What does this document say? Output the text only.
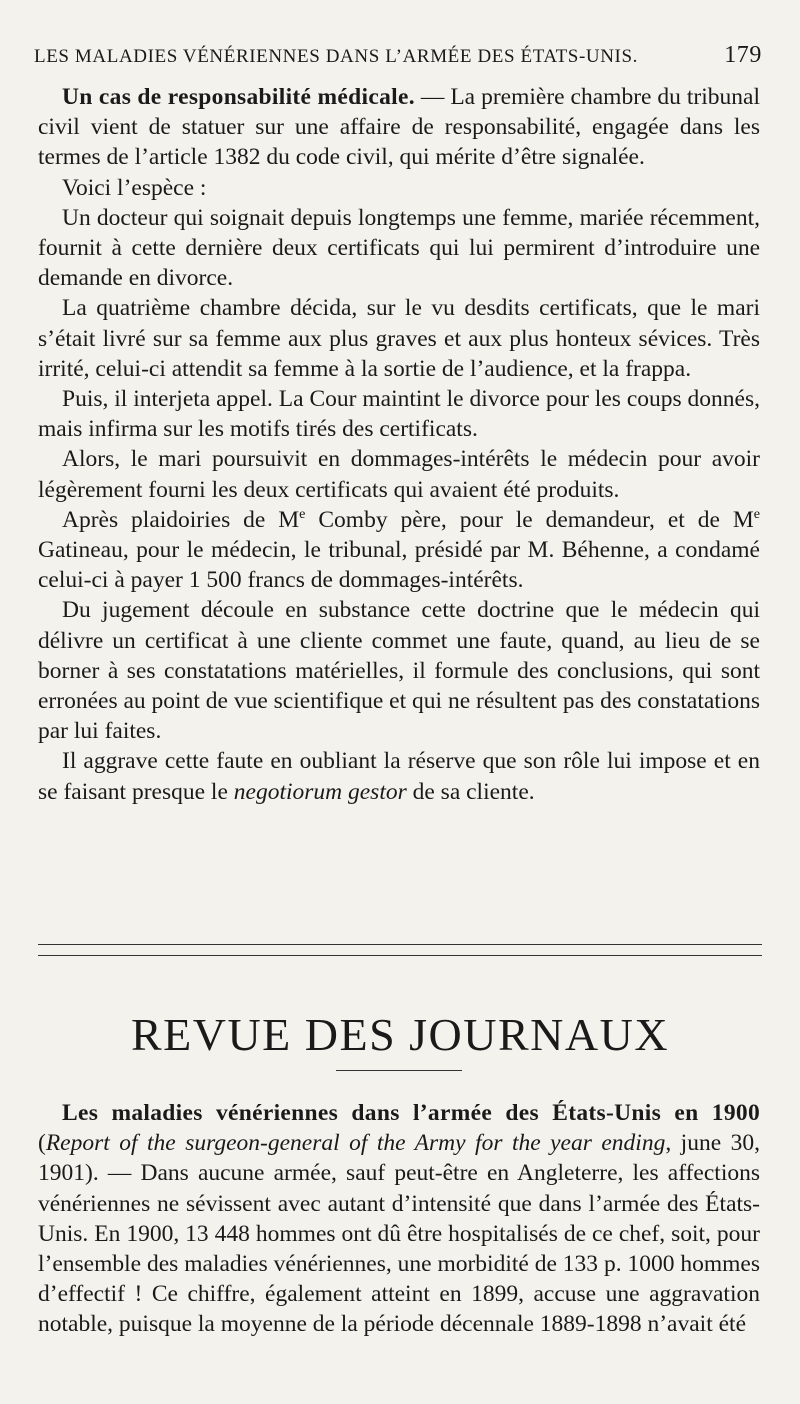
LES MALADIES VÉNÉRIENNES DANS L’ARMÉE DES ÉTATS-UNIS.	179

Un cas de responsabilité médicale. — La première chambre du tribunal civil vient de statuer sur une affaire de responsabilité, engagée dans les termes de l’article 1382 du code civil, qui mérite d’être signalée.

Voici l’espèce :

Un docteur qui soignait depuis longtemps une femme, mariée récemment, fournit à cette dernière deux certificats qui lui permirent d’introduire une demande en divorce.

La quatrième chambre décida, sur le vu desdits certificats, que le mari s’était livré sur sa femme aux plus graves et aux plus honteux sévices. Très irrité, celui-ci attendit sa femme à la sortie de l’audience, et la frappa.

Puis, il interjeta appel. La Cour maintint le divorce pour les coups donnés, mais infirma sur les motifs tirés des certificats.

Alors, le mari poursuivit en dommages-intérêts le médecin pour avoir légèrement fourni les deux certificats qui avaient été produits.

Après plaidoiries de Me Comby père, pour le demandeur, et de Me Gatineau, pour le médecin, le tribunal, présidé par M. Béhenne, a condamé celui-ci à payer 1 500 francs de dommages-intérêts.

Du jugement découle en substance cette doctrine que le médecin qui délivre un certificat à une cliente commet une faute, quand, au lieu de se borner à ses constatations matérielles, il formule des conclusions, qui sont erronées au point de vue scientifique et qui ne résultent pas des constatations par lui faites.

Il aggrave cette faute en oubliant la réserve que son rôle lui impose et en se faisant presque le negotiorum gestor de sa cliente.

REVUE DES JOURNAUX

Les maladies vénériennes dans l’armée des États-Unis en 1900 (Report of the surgeon-general of the Army for the year ending, june 30, 1901). — Dans aucune armée, sauf peut-être en Angleterre, les affections vénériennes ne sévissent avec autant d’intensité que dans l’armée des États-Unis. En 1900, 13 448 hommes ont dû être hospitalisés de ce chef, soit, pour l’ensemble des maladies vénériennes, une morbidité de 133 p. 1000 hommes d’effectif ! Ce chiffre, également atteint en 1899, accuse une aggravation notable, puisque la moyenne de la période décennale 1889-1898 n’avait été
